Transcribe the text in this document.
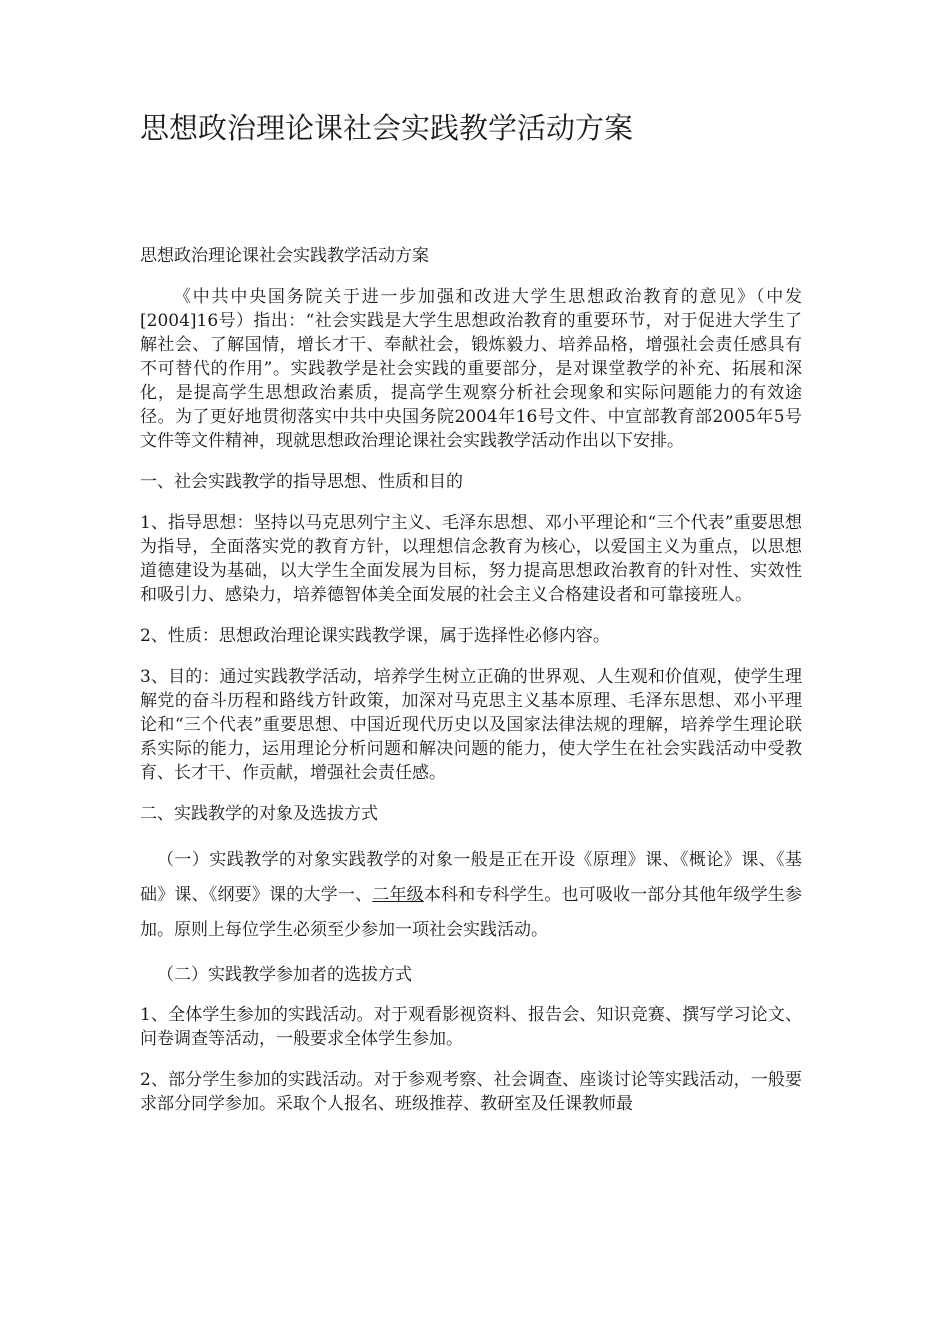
思想政治理论课社会实践教学活动方案

思想政治理论课社会实践教学活动方案

《中共中央国务院关于进一步加强和改进大学生思想政治教育的意见》（中发[2004]16号）指出：“社会实践是大学生思想政治教育的重要环节，对于促进大学生了解社会、了解国情，增长才干、奉献社会，锻炼毅力、培养品格，增强社会责任感具有不可替代的作用”。实践教学是社会实践的重要部分，是对课堂教学的补充、拓展和深化，是提高学生思想政治素质，提高学生观察分析社会现象和实际问题能力的有效途径。为了更好地贯彻落实中共中央国务院2004年16号文件、中宣部教育部2005年5号文件等文件精神，现就思想政治理论课社会实践教学活动作出以下安排。

一、社会实践教学的指导思想、性质和目的

1、指导思想：坚持以马克思列宁主义、毛泽东思想、邓小平理论和“三个代表”重要思想为指导，全面落实党的教育方针，以理想信念教育为核心，以爱国主义为重点，以思想道德建设为基础，以大学生全面发展为目标，努力提高思想政治教育的针对性、实效性和吸引力、感染力，培养德智体美全面发展的社会主义合格建设者和可靠接班人。

2、性质：思想政治理论课实践教学课，属于选择性必修内容。

3、目的：通过实践教学活动，培养学生树立正确的世界观、人生观和价值观，使学生理解党的奋斗历程和路线方针政策，加深对马克思主义基本原理、毛泽东思想、邓小平理论和“三个代表”重要思想、中国近现代历史以及国家法律法规的理解，培养学生理论联系实际的能力，运用理论分析问题和解决问题的能力，使大学生在社会实践活动中受教育、长才干、作贡献，增强社会责任感。

二、实践教学的对象及选拔方式

（一）实践教学的对象实践教学的对象一般是正在开设《原理》课、《概论》课、《基础》课、《纲要》课的大学一、二年级本科和专科学生。也可吸收一部分其他年级学生参加。原则上每位学生必须至少参加一项社会实践活动。

（二）实践教学参加者的选拔方式

1、全体学生参加的实践活动。对于观看影视资料、报告会、知识竞赛、撰写学习论文、问卷调查等活动，一般要求全体学生参加。

2、部分学生参加的实践活动。对于参观考察、社会调查、座谈讨论等实践活动，一般要求部分同学参加。采取个人报名、班级推荐、教研室及任课教师最
